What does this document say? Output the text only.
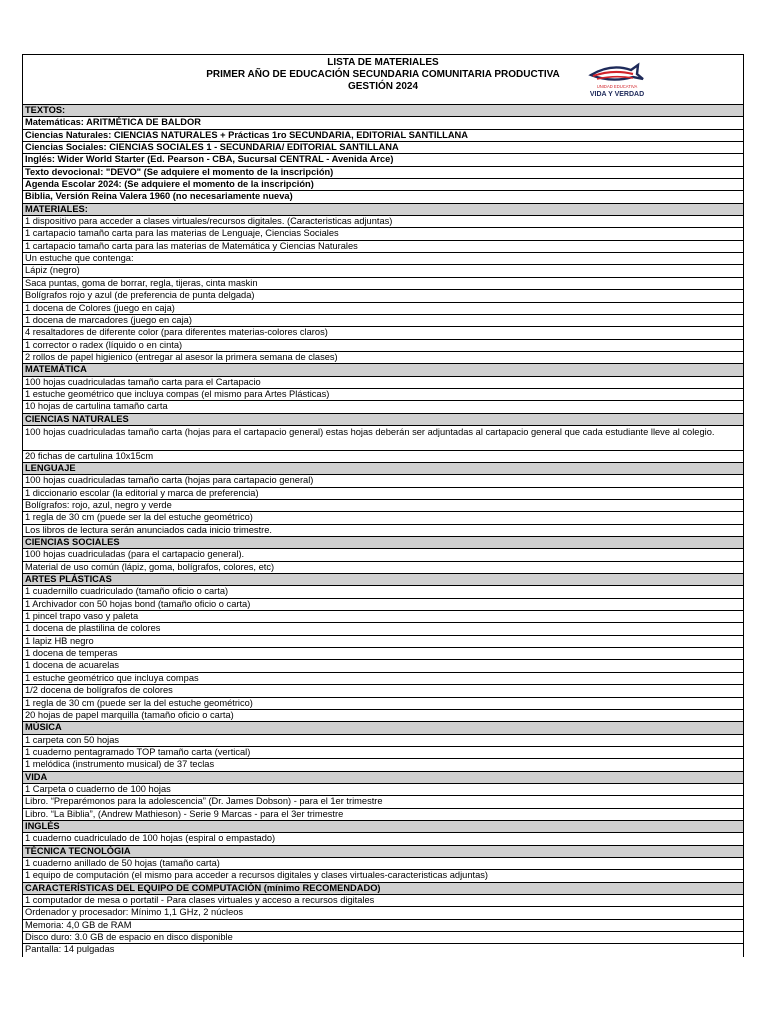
LISTA DE MATERIALES
PRIMER AÑO DE EDUCACIÓN SECUNDARIA COMUNITARIA PRODUCTIVA
GESTIÓN 2024	UNIDAD EDUCATIVA
VIDA Y VERDAD
TEXTOS:
Matemáticas: ARITMÉTICA DE BALDOR
Ciencias Naturales: CIENCIAS NATURALES + Prácticas 1ro SECUNDARIA, EDITORIAL SANTILLANA
Ciencias Sociales: CIENCIAS SOCIALES 1 - SECUNDARIA/ EDITORIAL SANTILLANA
Inglés: Wider World Starter (Ed. Pearson - CBA, Sucursal CENTRAL - Avenida Arce)
Texto devocional: "DEVO" (Se adquiere el momento de la inscripción)
Agenda Escolar 2024: (Se adquiere el momento de la inscripción)
Biblia, Versión Reina Valera 1960 (no necesariamente nueva)
MATERIALES:
1 dispositivo para acceder a clases virtuales/recursos digitales. (Caracteristicas adjuntas)
1 cartapacio tamaño carta para las materias de Lenguaje, Ciencias Sociales
1 cartapacio tamaño carta para las materias de Matemática y Ciencias Naturales
Un estuche que contenga:
Lápiz (negro)
Saca puntas, goma de borrar, regla, tijeras, cinta maskin
Bolígrafos rojo y azul (de preferencia de punta delgada)
1 docena de Colores (juego en caja)
1 docena de marcadores (juego en caja)
4 resaltadores de diferente color (para diferentes materias-colores claros)
1 corrector o radex (líquido o en cinta)
2 rollos de papel higienico (entregar al asesor la primera semana de clases)
MATEMÁTICA
100 hojas cuadriculadas tamaño carta para el Cartapacio
1 estuche geométrico que incluya compas (el mismo para Artes Plásticas)
10 hojas de cartulina tamaño carta
CIENCIAS NATURALES
100 hojas cuadriculadas tamaño carta (hojas para el cartapacio general) estas hojas deberán ser adjuntadas al cartapacio general que cada estudiante lleve al colegio.
20 fichas de cartulina 10x15cm
LENGUAJE
100 hojas cuadriculadas tamaño carta (hojas para cartapacio general)
1 diccionario escolar (la editorial y marca de preferencia)
Bolígrafos: rojo, azul, negro y verde
1 regla de 30 cm (puede ser la del estuche geométrico)
Los libros de lectura serán anunciados cada inicio trimestre.
CIENCIAS SOCIALES
100 hojas cuadriculadas (para el cartapacio general).
Material de uso común (lápiz, goma, bolígrafos, colores, etc)
ARTES PLÁSTICAS
1 cuadernillo cuadriculado (tamaño oficio o carta)
1 Archivador con 50 hojas bond (tamaño oficio o carta)
1 pincel trapo vaso y paleta
1 docena de plastilina de colores
1 lapiz HB negro
1 docena de temperas
1 docena de acuarelas
1 estuche geométrico que incluya compas
1/2 docena de bolígrafos de colores
1 regla de 30 cm (puede ser la del estuche geométrico)
20 hojas de papel marquilla (tamaño oficio o carta)
MÚSICA
1 carpeta con 50 hojas
1 cuaderno pentagramado TOP tamaño carta (vertical)
1 melódica (instrumento musical) de 37 teclas
VIDA
1 Carpeta o cuaderno de 100 hojas
Libro. “Preparémonos para la adolescencia” (Dr. James Dobson) - para el 1er trimestre
Libro. “La Biblia”, (Andrew Mathieson) - Serie 9 Marcas - para el 3er trimestre
INGLÉS
1 cuaderno cuadriculado de 100 hojas (espiral o empastado)
TÉCNICA TECNOLÓGIA
1 cuaderno anillado de 50 hojas (tamaño carta)
1 equipo de computación (el mismo para acceder a recursos digitales y clases virtuales-caracteristicas adjuntas)
CARACTERÍSTICAS DEL EQUIPO DE COMPUTACIÓN (mínimo RECOMENDADO)
1 computador de mesa o portatil - Para clases virtuales y acceso a recursos digitales
Ordenador y procesador: Mínimo 1,1 GHz, 2 núcleos
Memoria: 4,0 GB de RAM
Disco duro: 3.0 GB de espacio en disco disponible
Pantalla: 14 pulgadas
